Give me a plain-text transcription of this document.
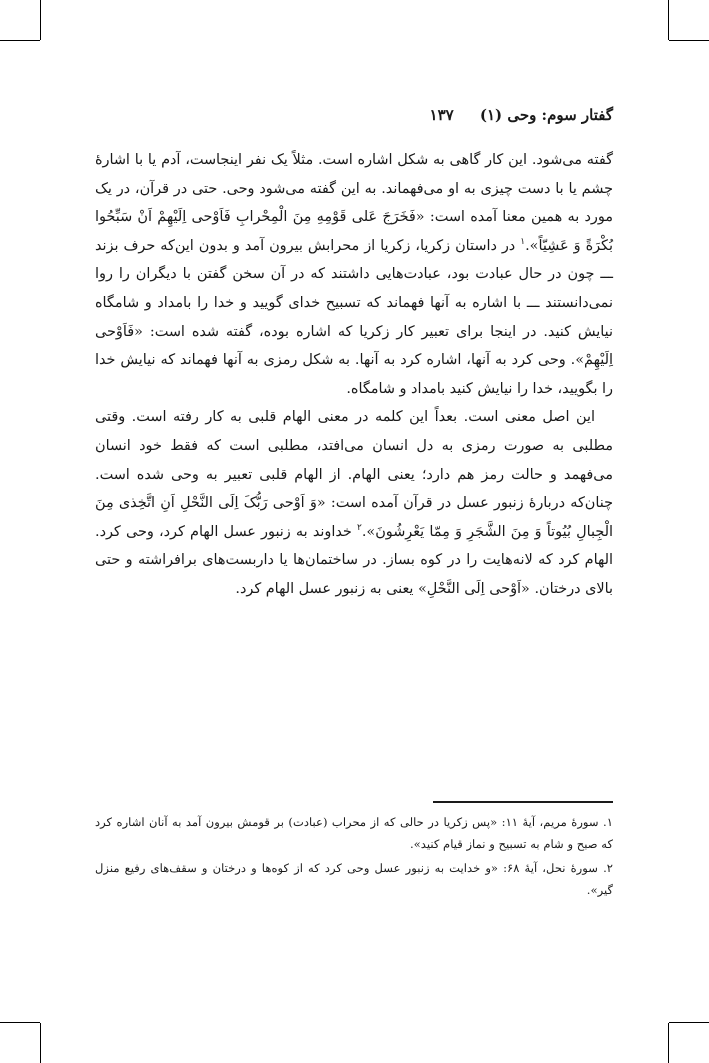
گفتار سوم: وحی (۱)     ۱۳۷

گفته می‌شود. این کار گاهی به شکل اشاره است. مثلاً یک نفر اینجاست، آدم یا با اشارهٔ چشم یا با دست چیزی به او می‌فهماند. به این گفته می‌شود وحی. حتی در قرآن، در یک مورد به همین معنا آمده است: «فَخَرَجَ عَلی قَوْمِهِ مِنَ الْمِحْرابِ فَاَوْحی اِلَیْهِمْ اَنْ سَبِّحُوا بُکْرَةً وَ عَشِیّاً».$^۱$ در داستان زکریا، زکریا از محرابش بیرون آمد و بدون این‌که حرف بزند ـــ چون در حال عبادت بود، عبادت‌هایی داشتند که در آن سخن گفتن با دیگران را روا نمی‌دانستند ـــ با اشاره به آنها فهماند که تسبیح خدای گویید و خدا را بامداد و شامگاه نیایش کنید. در اینجا برای تعبیر کار زکریا که اشاره بوده، گفته شده است: «فَاَوْحی اِلَیْهِمْ». وحی کرد به آنها، اشاره کرد به آنها. به شکل رمزی به آنها فهماند که نیایش خدا را بگویید، خدا را نیایش کنید بامداد و شامگاه.

این اصل معنی است. بعداً این کلمه در معنی الهام قلبی به کار رفته است. وقتی مطلبی به صورت رمزی به دل انسان می‌افتد، مطلبی است که فقط خود انسان می‌فهمد و حالت رمز هم دارد؛ یعنی الهام. از الهام قلبی تعبیر به وحی شده است. چنان‌که دربارهٔ زنبور عسل در قرآن آمده است: «وَ اَوْحی رَبُّکَ اِلَی النَّحْلِ اَنِ اتَّخِذی مِنَ الْجِبالِ بُیُوتاً وَ مِنَ الشَّجَرِ وَ مِمّا یَعْرِشُونَ».$^۲$ خداوند به زنبور عسل الهام کرد، وحی کرد. الهام کرد که لانه‌هایت را در کوه بساز. در ساختمان‌ها یا داربست‌های برافراشته و حتی بالای درختان. «اَوْحی اِلَی النَّحْلِ» یعنی به زنبور عسل الهام کرد.

۱. سورهٔ مریم، آیهٔ ۱۱: «پس زکریا در حالی که از محراب (عبادت) بر قومش بیرون آمد به آنان اشاره کرد که صبح و شام به تسبیح و نماز قیام کنید».

۲. سورهٔ نحل، آیهٔ ۶۸: «و خدایت به زنبور عسل وحی کرد که از کوه‌ها و درختان و سقف‌های رفیع منزل گیر».
